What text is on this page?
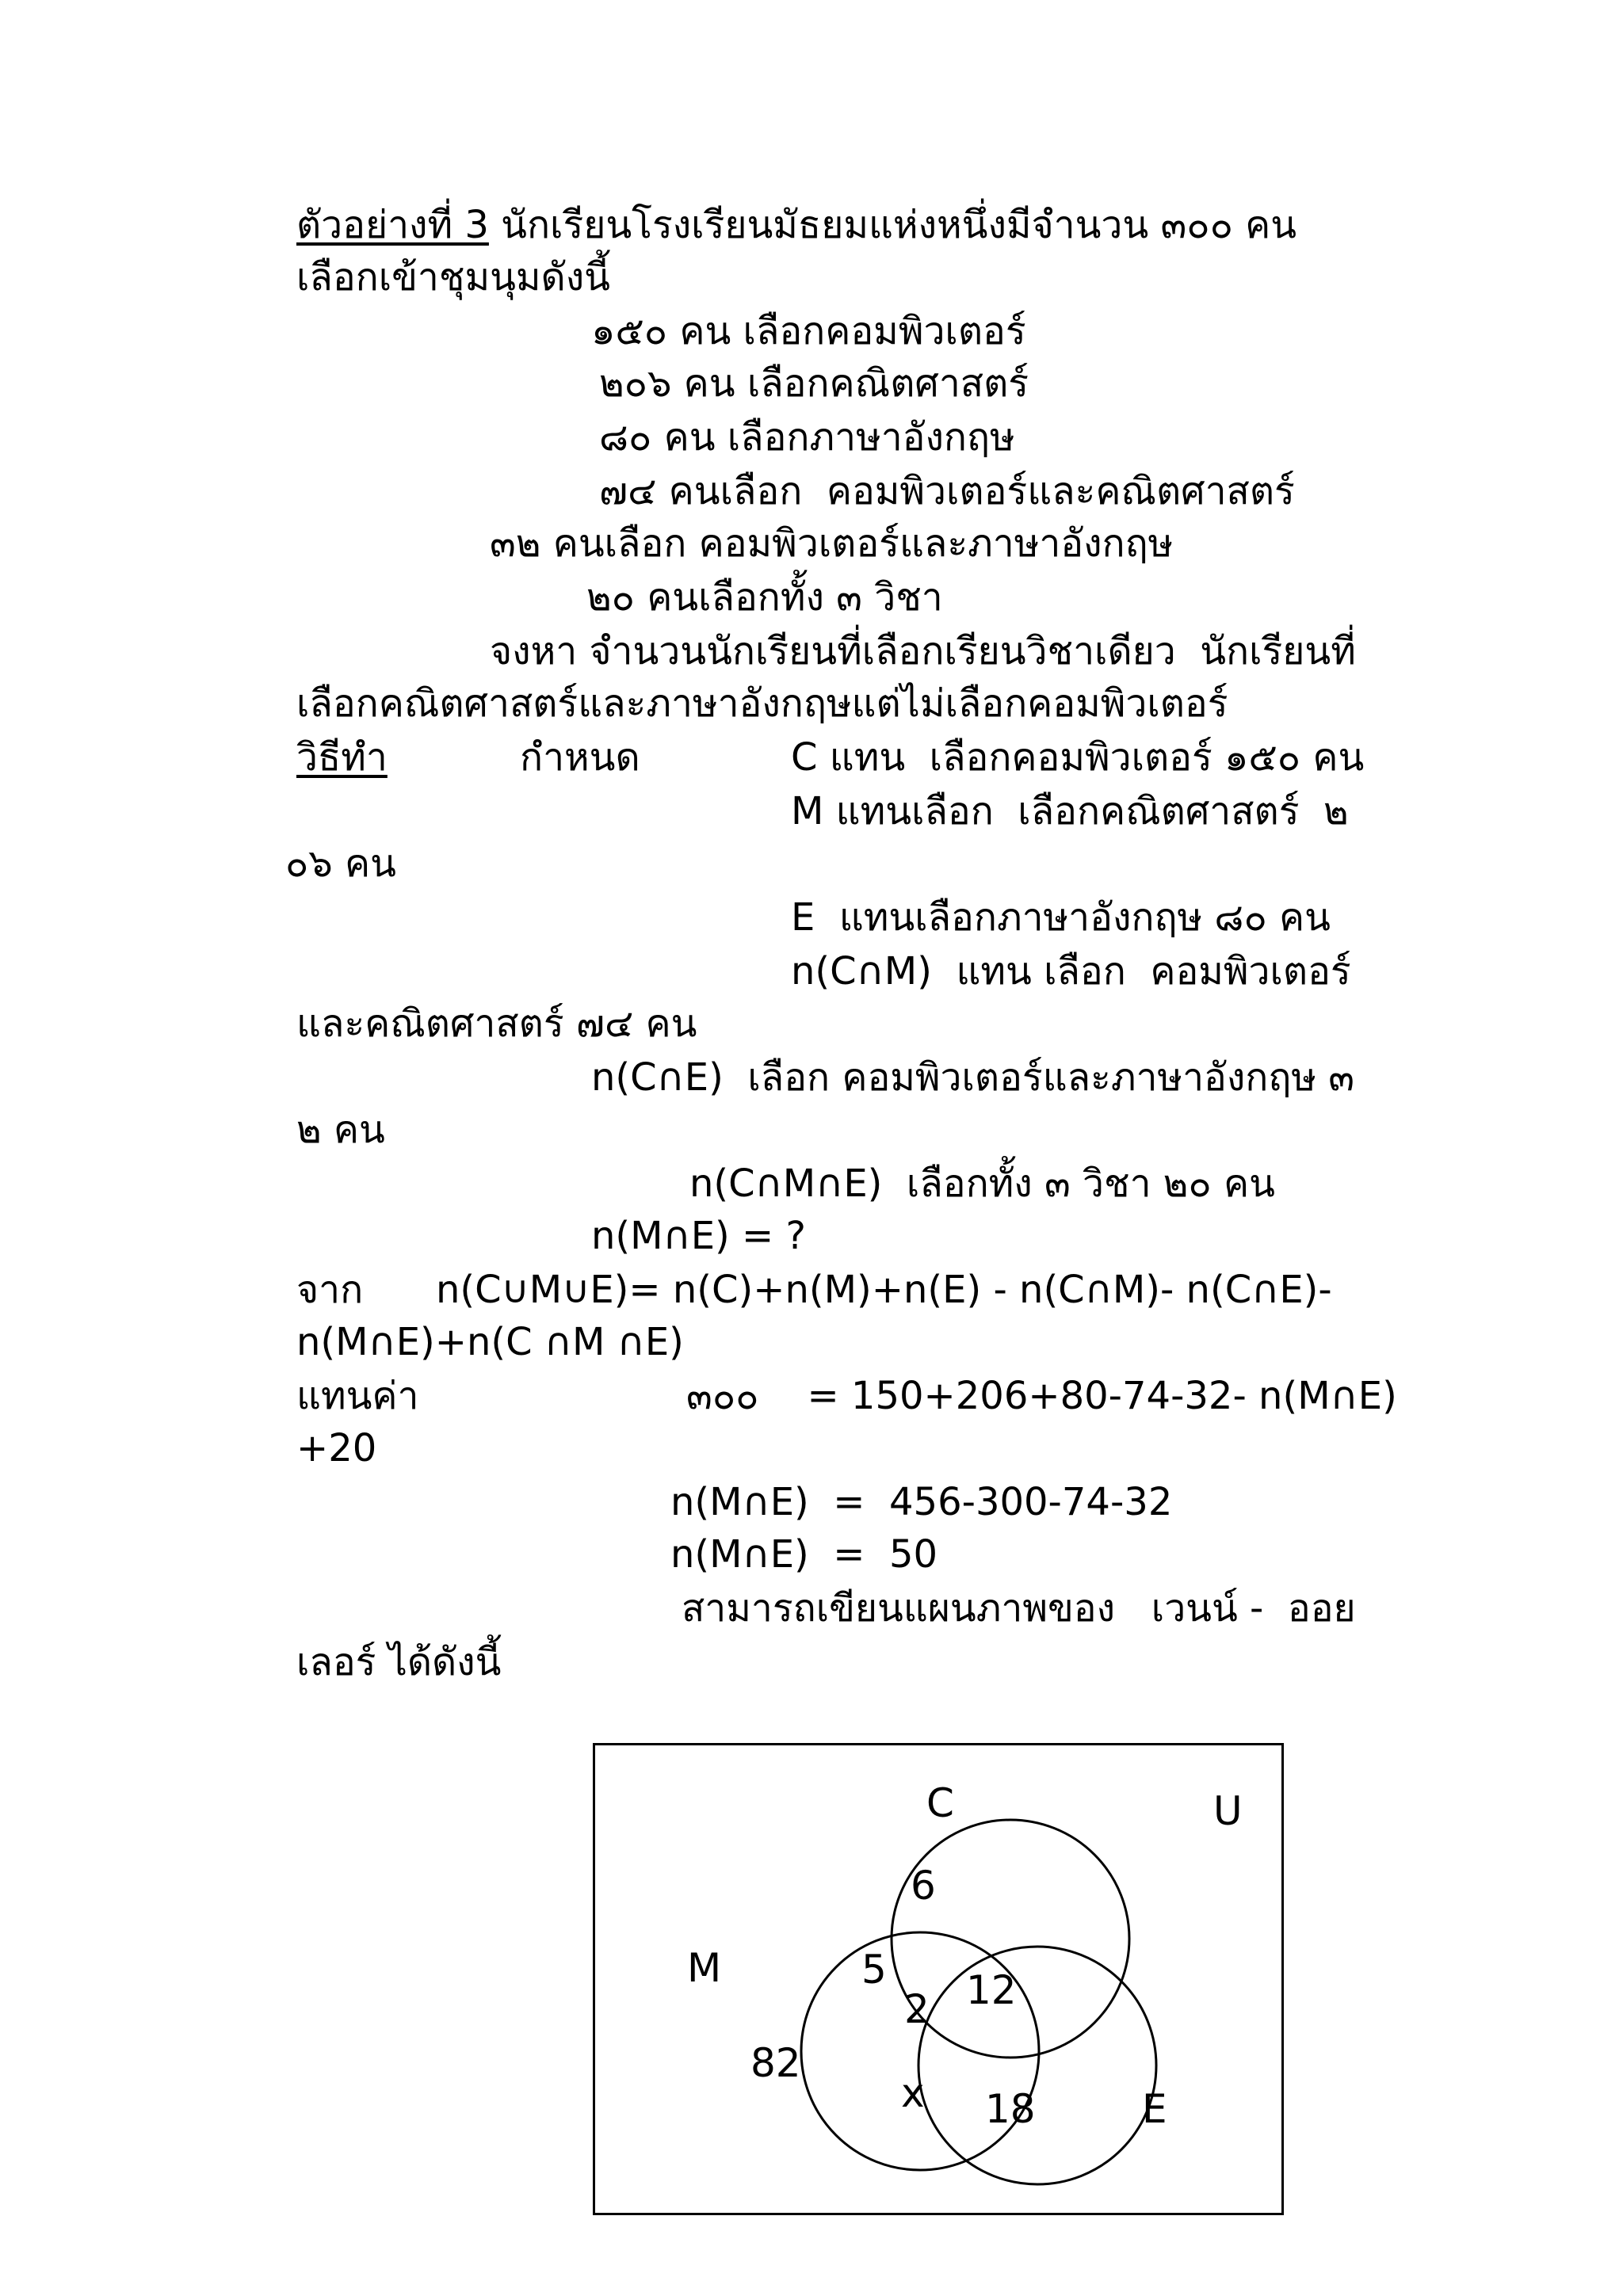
ตัวอย่างที่ 3 นักเรียนโรงเรียนมัธยมแห่งหนึ่งมีจำนวน ๓๐๐ คน
เลือกเข้าชุมนุมดังนี้
๑๕๐ คน เลือกคอมพิวเตอร์
๒๐๖ คน เลือกคณิตศาสตร์
๘๐ คน เลือกภาษาอังกฤษ
๗๔ คนเลือก  คอมพิวเตอร์และคณิตศาสตร์
๓๒ คนเลือก คอมพิวเตอร์และภาษาอังกฤษ
๒๐ คนเลือกทั้ง ๓ วิชา
จงหา จำนวนนักเรียนที่เลือกเรียนวิชาเดียว  นักเรียนที่
เลือกคณิตศาสตร์และภาษาอังกฤษแต่ไม่เลือกคอมพิวเตอร์
วิธีทำ	กำหนด	C แทน  เลือกคอมพิวเตอร์ ๑๕๐ คน
M แทนเลือก  เลือกคณิตศาสตร์  ๒
๐๖ คน
E  แทนเลือกภาษาอังกฤษ ๘๐ คน
n(C∩M)  แทน เลือก  คอมพิวเตอร์
และคณิตศาสตร์ ๗๔ คน
n(C∩E)  เลือก คอมพิวเตอร์และภาษาอังกฤษ ๓
๒ คน
n(C∩M∩E)  เลือกทั้ง ๓ วิชา ๒๐ คน
n(M∩E) = ?
จาก n(C∪M∪E)= n(C)+n(M)+n(E) - n(C∩M)- n(C∩E)-
n(M∩E)+n(C ∩M ∩E)
แทนค่า	๓๐๐    = 150+206+80-74-32- n(M∩E)
+20
n(M∩E)  =  456-300-74-32
n(M∩E)  =  50
สามารถเขียนแผนภาพของ   เวนน์ -  ออย
เลอร์ ได้ดังนี้
C	U
M
E
6
5 12
2
82
x 18
